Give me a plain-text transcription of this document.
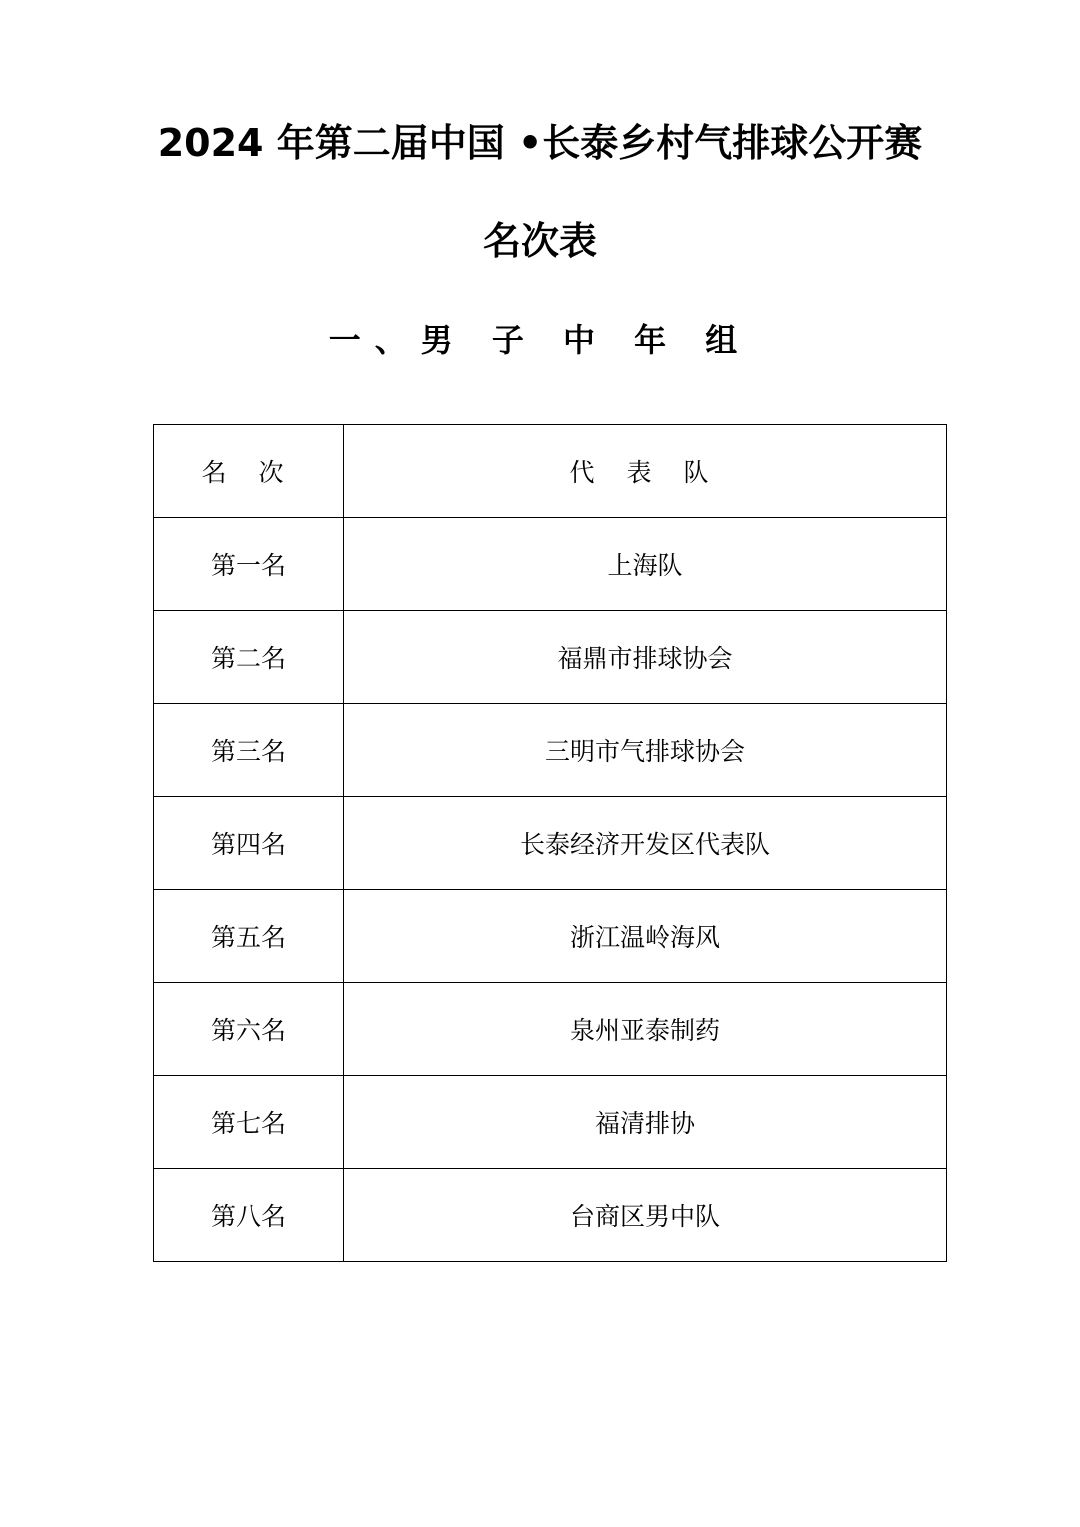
2024 年第二届中国 •长泰乡村气排球公开赛
名次表
一、男 子 中 年 组
名 次	代 表 队
第一名	上海队
第二名	福鼎市排球协会
第三名	三明市气排球协会
第四名	长泰经济开发区代表队
第五名	浙江温岭海风
第六名	泉州亚泰制药
第七名	福清排协
第八名	台商区男中队
